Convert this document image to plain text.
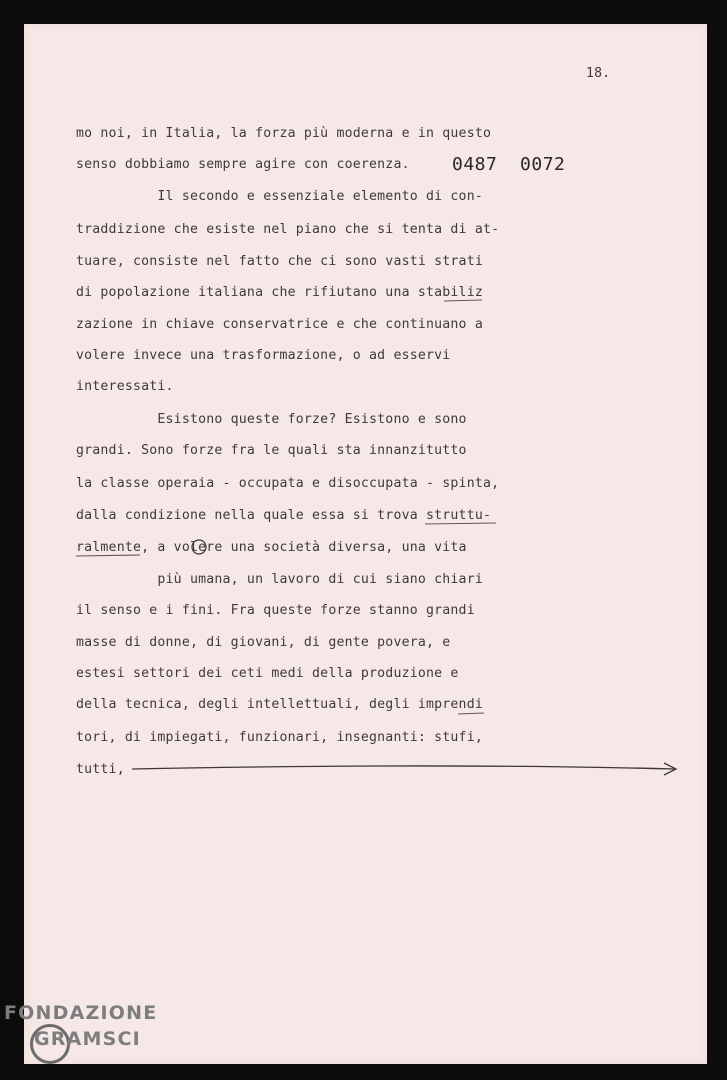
18.
0487  0072
mo noi, in Italia, la forza più moderna e in questo
senso dobbiamo sempre agire con coerenza.
Il secondo e essenziale elemento di con-
traddizione che esiste nel piano che si tenta di at-
tuare, consiste nel fatto che ci sono vasti strati
di popolazione italiana che rifiutano una stabiliz
zazione in chiave conservatrice e che continuano a
volere invece una trasformazione, o ad esservi
interessati.
Esistono queste forze? Esistono e sono
grandi. Sono forze fra le quali sta innanzitutto
la classe operaia - occupata e disoccupata - spinta,
dalla condizione nella quale essa si trova struttu-
ralmente, a volere una società diversa, una vita
più umana, un lavoro di cui siano chiari
il senso e i fini. Fra queste forze stanno grandi
masse di donne, di giovani, di gente povera, e
estesi settori dei ceti medi della produzione e
della tecnica, degli intellettuali, degli imprendi
tori, di impiegati, funzionari, insegnanti: stufi,
tutti,
FONDAZIONE
GRAMSCI
